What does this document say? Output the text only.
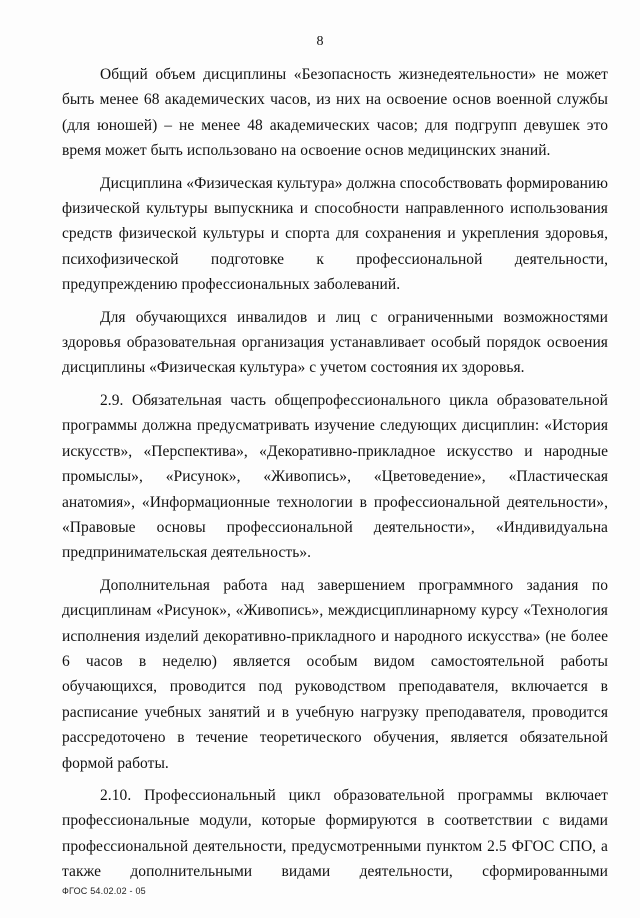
8

Общий объем дисциплины «Безопасность жизнедеятельности» не может быть менее 68 академических часов, из них на освоение основ военной службы (для юношей) – не менее 48 академических часов; для подгрупп девушек это время может быть использовано на освоение основ медицинских знаний.

Дисциплина «Физическая культура» должна способствовать формированию физической культуры выпускника и способности направленного использования средств физической культуры и спорта для сохранения и укрепления здоровья, психофизической подготовке к профессиональной деятельности, предупреждению профессиональных заболеваний.

Для обучающихся инвалидов и лиц с ограниченными возможностями здоровья образовательная организация устанавливает особый порядок освоения дисциплины «Физическая культура» с учетом состояния их здоровья.

2.9. Обязательная часть общепрофессионального цикла образовательной программы должна предусматривать изучение следующих дисциплин: «История искусств», «Перспектива», «Декоративно-прикладное искусство и народные промыслы», «Рисунок», «Живопись», «Цветоведение», «Пластическая анатомия», «Информационные технологии в профессиональной деятельности», «Правовые основы профессиональной деятельности», «Индивидуальна предпринимательская деятельность».

Дополнительная работа над завершением программного задания по дисциплинам «Рисунок», «Живопись», междисциплинарному курсу «Технология исполнения изделий декоративно-прикладного и народного искусства» (не более 6 часов в неделю) является особым видом самостоятельной работы обучающихся, проводится под руководством преподавателя, включается в расписание учебных занятий и в учебную нагрузку преподавателя, проводится рассредоточено в течение теоретического обучения, является обязательной формой работы.

2.10. Профессиональный цикл образовательной программы включает профессиональные модули, которые формируются в соответствии с видами профессиональной деятельности, предусмотренными пунктом 2.5 ФГОС СПО, а также дополнительными видами деятельности, сформированными

ФГОС 54.02.02 - 05
